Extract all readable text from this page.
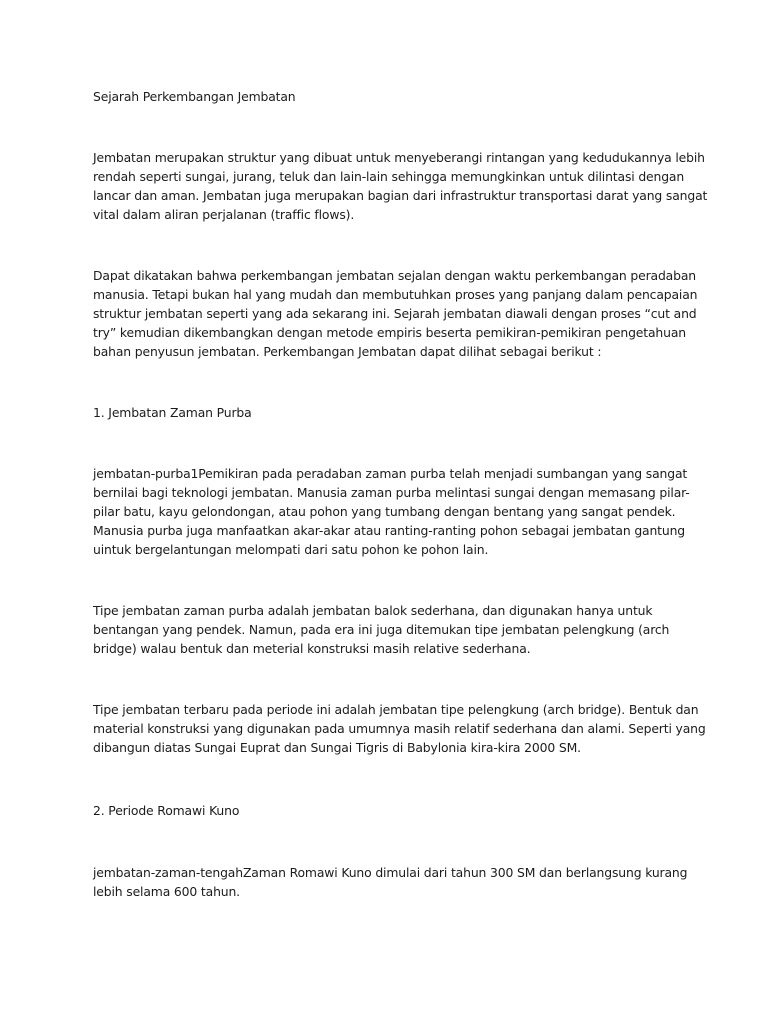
Sejarah Perkembangan Jembatan

Jembatan merupakan struktur yang dibuat untuk menyeberangi rintangan yang kedudukannya lebih
rendah seperti sungai, jurang, teluk dan lain-lain sehingga memungkinkan untuk dilintasi dengan
lancar dan aman. Jembatan juga merupakan bagian dari infrastruktur transportasi darat yang sangat
vital dalam aliran perjalanan (traffic flows).
Dapat dikatakan bahwa perkembangan jembatan sejalan dengan waktu perkembangan peradaban
manusia. Tetapi bukan hal yang mudah dan membutuhkan proses yang panjang dalam pencapaian
struktur jembatan seperti yang ada sekarang ini. Sejarah jembatan diawali dengan proses “cut and
try” kemudian dikembangkan dengan metode empiris beserta pemikiran-pemikiran pengetahuan
bahan penyusun jembatan. Perkembangan Jembatan dapat dilihat sebagai berikut :
1. Jembatan Zaman Purba
jembatan-purba1Pemikiran pada peradaban zaman purba telah menjadi sumbangan yang sangat
bernilai bagi teknologi jembatan. Manusia zaman purba melintasi sungai dengan memasang pilar-
pilar batu, kayu gelondongan, atau pohon yang tumbang dengan bentang yang sangat pendek.
Manusia purba juga manfaatkan akar-akar atau ranting-ranting pohon sebagai jembatan gantung
uintuk bergelantungan melompati dari satu pohon ke pohon lain.
Tipe jembatan zaman purba adalah jembatan balok sederhana, dan digunakan hanya untuk
bentangan yang pendek. Namun, pada era ini juga ditemukan tipe jembatan pelengkung (arch
bridge) walau bentuk dan meterial konstruksi masih relative sederhana.
Tipe jembatan terbaru pada periode ini adalah jembatan tipe pelengkung (arch bridge). Bentuk dan
material konstruksi yang digunakan pada umumnya masih relatif sederhana dan alami. Seperti yang
dibangun diatas Sungai Euprat dan Sungai Tigris di Babylonia kira-kira 2000 SM.
2. Periode Romawi Kuno
jembatan-zaman-tengahZaman Romawi Kuno dimulai dari tahun 300 SM dan berlangsung kurang
lebih selama 600 tahun.
